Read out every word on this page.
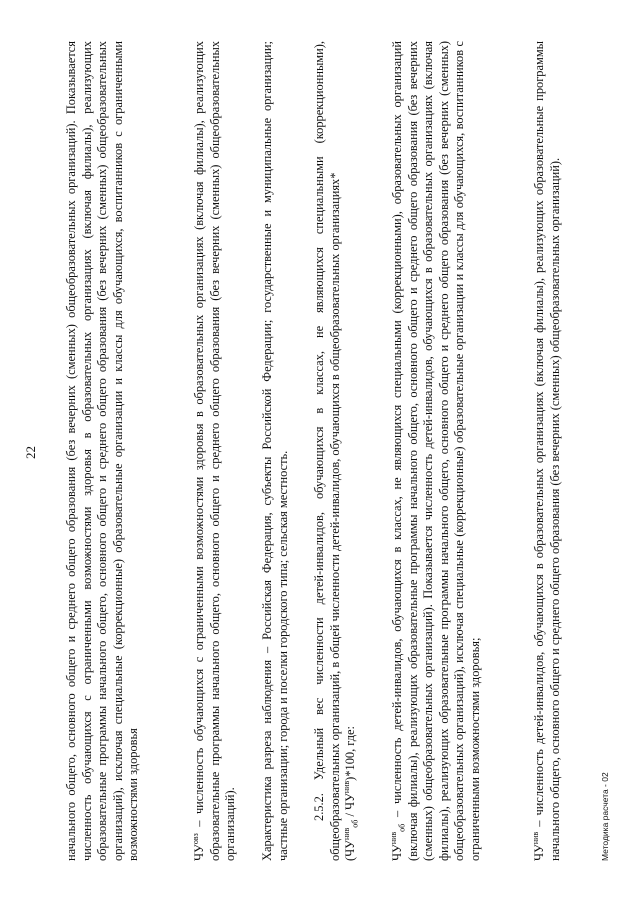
22 начального общего, основного общего и среднего общего образования (без вечерних (сменных) общеобразовательных организаций). Показывается численность обучающихся с ограниченными возможностями здоровья в образовательных организациях (включая филиалы), реализующих образовательные программы начального общего, основного общего и среднего общего образования (без вечерних (сменных) общеобразовательных организаций), исключая специальные (коррекционные) образовательные организации и классы для обучающихся, воспитанников с ограниченными возможностями здоровья	$ЧУ^{овз}$ – численность обучающихся с ограниченными возможностями здоровья в образовательных организациях (включая филиалы), реализующих образовательные программы начального общего, основного общего и среднего общего образования (без вечерних (сменных) общеобразовательных организаций). Характеристика разреза наблюдения – Российская Федерация, субъекты Российской Федерации; государственные и муниципальные организации; частные организации; города и поселки городского типа; сельская местность. 2.5.2. Удельный вес численности детей-инвалидов, обучающихся в классах, не являющихся специальными (коррекционными), общеобразовательных организаций, в общей численности детей-инвалидов, обучающихся в общеобразовательных организациях* $(ЧУ^{нив}_{об} / ЧУ^{нив})*100$, где:

$ЧУ^{нив}_{об}$ – численность детей-инвалидов, обучающихся в классах, не являющихся специальными (коррекционными), образовательных организаций (включая филиалы), реализующих образовательные программы начального общего, основного общего и среднего общего образования (без вечерних (сменных) общеобразовательных организаций). Показывается численность детей-инвалидов, обучающихся в образовательных организациях (включая филиалы), реализующих образовательные программы начального общего, основного общего и среднего общего образования (без вечерних (сменных) общеобразовательных организаций), исключая специальные (коррекционные) образовательные организации и классы для обучающихся, воспитанников с ограниченными возможностями здоровья;	$ЧУ^{нив}$ – численность детей-инвалидов, обучающихся в образовательных организациях (включая филиалы), реализующих образовательные программы начального общего, основного общего и среднего общего образования (без вечерних (сменных) общеобразовательных организаций).	Методика расчета - 02
